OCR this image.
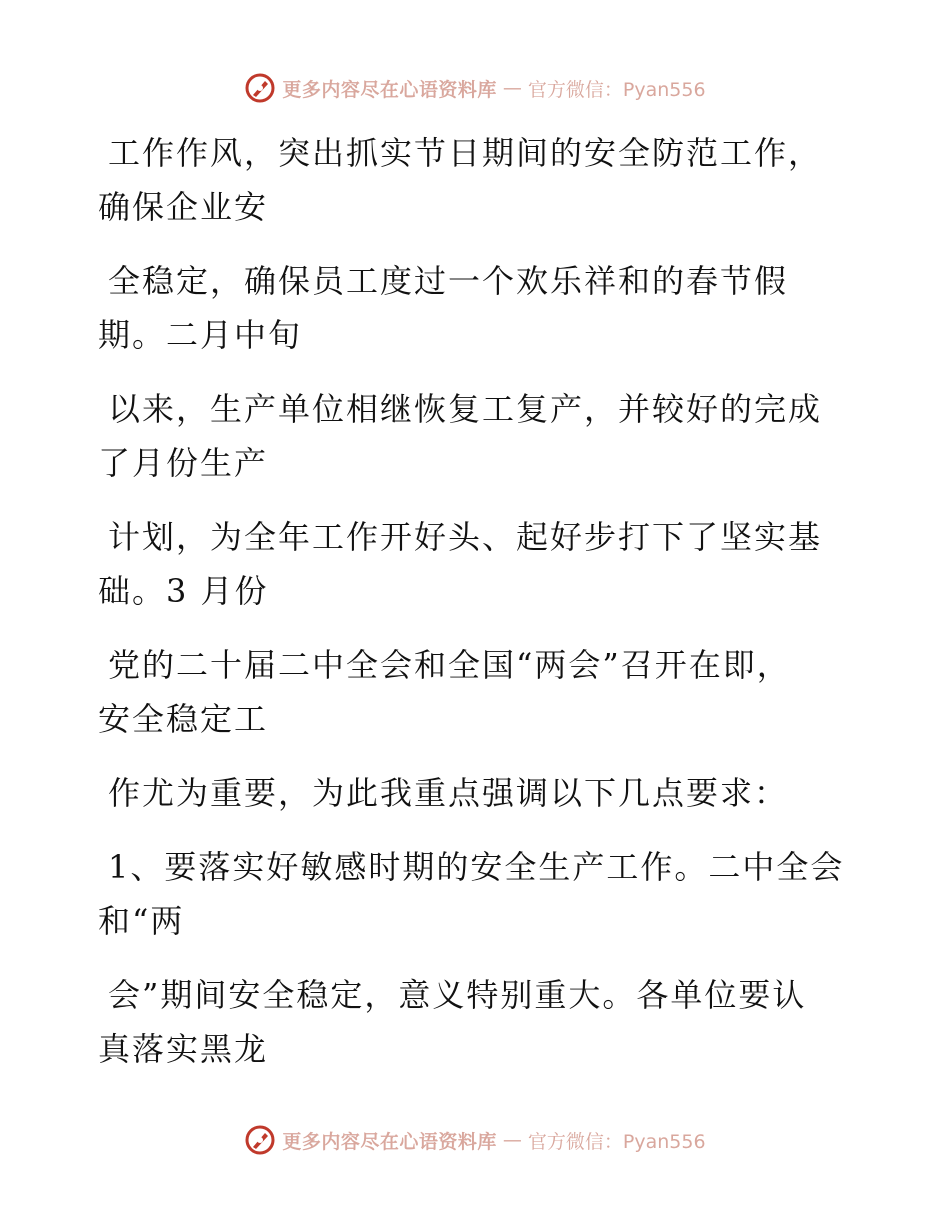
更多内容尽在心语资料库 — 官方微信：Pyan556

工作作风，突出抓实节日期间的安全防范工作，
确保企业安

全稳定，确保员工度过一个欢乐祥和的春节假
期。二月中旬

以来，生产单位相继恢复工复产，并较好的完成
了月份生产

计划，为全年工作开好头、起好步打下了坚实基
础。3 月份

党的二十届二中全会和全国“两会”召开在即，
安全稳定工

作尤为重要，为此我重点强调以下几点要求：

1、要落实好敏感时期的安全生产工作。二中全会
和“两

会”期间安全稳定，意义特别重大。各单位要认
真落实黑龙

更多内容尽在心语资料库 — 官方微信：Pyan556
